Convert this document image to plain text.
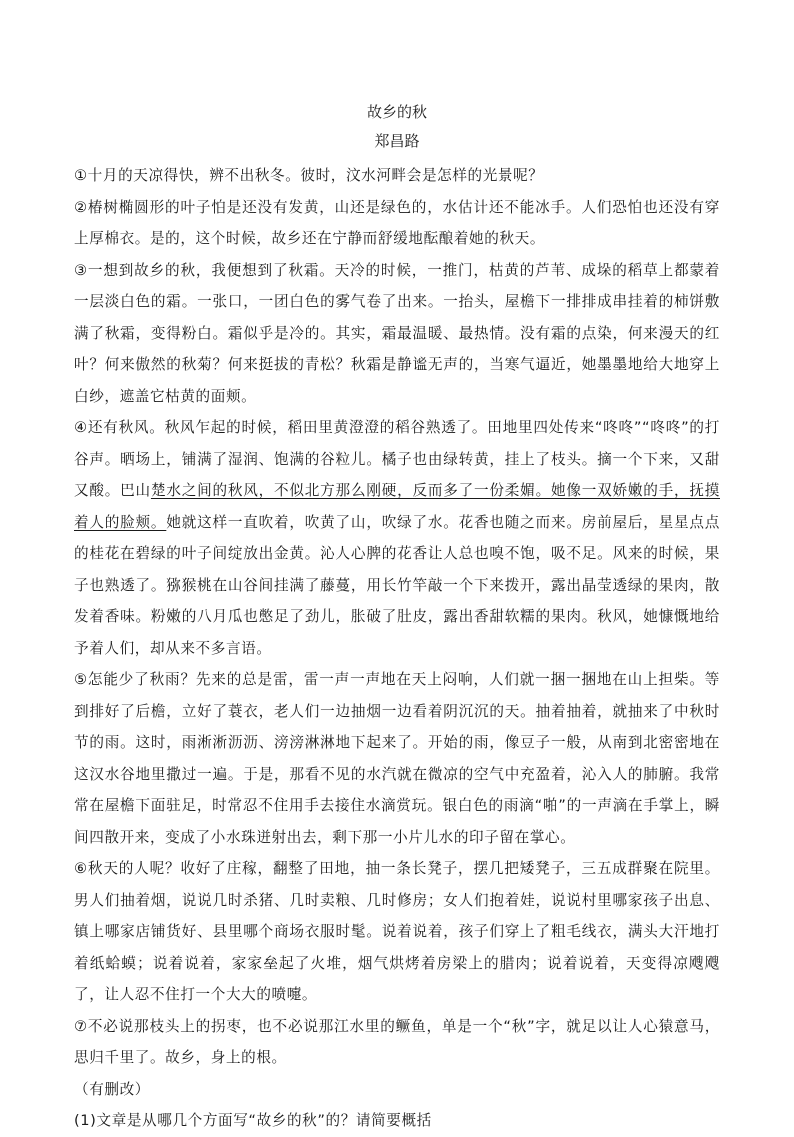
故乡的秋
郑昌路

①十月的天凉得快，辨不出秋冬。彼时，汶水河畔会是怎样的光景呢？

②椿树椭圆形的叶子怕是还没有发黄，山还是绿色的，水估计还不能冰手。人们恐怕也还没有穿上厚棉衣。是的，这个时候，故乡还在宁静而舒缓地酝酿着她的秋天。

③一想到故乡的秋，我便想到了秋霜。天冷的时候，一推门，枯黄的芦苇、成垛的稻草上都蒙着一层淡白色的霜。一张口，一团白色的雾气卷了出来。一抬头，屋檐下一排排成串挂着的柿饼敷满了秋霜，变得粉白。霜似乎是冷的。其实，霜最温暖、最热情。没有霜的点染，何来漫天的红叶？何来傲然的秋菊？何来挺拔的青松？秋霜是静谧无声的，当寒气逼近，她墨墨地给大地穿上白纱，遮盖它枯黄的面颊。

④还有秋风。秋风乍起的时候，稻田里黄澄澄的稻谷熟透了。田地里四处传来“咚咚”“咚咚”的打谷声。晒场上，铺满了湿润、饱满的谷粒儿。橘子也由绿转黄，挂上了枝头。摘一个下来，又甜又酸。巴山楚水之间的秋风，不似北方那么刚硬，反而多了一份柔媚。她像一双娇嫩的手，抚摸着人的脸颊。她就这样一直吹着，吹黄了山，吹绿了水。花香也随之而来。房前屋后，星星点点的桂花在碧绿的叶子间绽放出金黄。沁人心脾的花香让人总也嗅不饱，吸不足。风来的时候，果子也熟透了。猕猴桃在山谷间挂满了藤蔓，用长竹竿敲一个下来拨开，露出晶莹透绿的果肉，散发着香味。粉嫩的八月瓜也憋足了劲儿，胀破了肚皮，露出香甜软糯的果肉。秋风，她慷慨地给予着人们，却从来不多言语。

⑤怎能少了秋雨？先来的总是雷，雷一声一声地在天上闷响，人们就一捆一捆地在山上担柴。等到排好了后檐，立好了蓑衣，老人们一边抽烟一边看着阴沉沉的天。抽着抽着，就抽来了中秋时节的雨。这时，雨淅淅沥沥、滂滂淋淋地下起来了。开始的雨，像豆子一般，从南到北密密地在这汉水谷地里撒过一遍。于是，那看不见的水汽就在微凉的空气中充盈着，沁入人的肺腑。我常常在屋檐下面驻足，时常忍不住用手去接住水滴赏玩。银白色的雨滴“啪”的一声滴在手掌上，瞬间四散开来，变成了小水珠迸射出去，剩下那一小片儿水的印子留在掌心。

⑥秋天的人呢？收好了庄稼，翻整了田地，抽一条长凳子，摆几把矮凳子，三五成群聚在院里。男人们抽着烟，说说几时杀猪、几时卖粮、几时修房；女人们抱着娃，说说村里哪家孩子出息、镇上哪家店铺货好、县里哪个商场衣服时髦。说着说着，孩子们穿上了粗毛线衣，满头大汗地打着纸蛤蟆；说着说着，家家垒起了火堆，烟气烘烤着房梁上的腊肉；说着说着，天变得凉飕飕了，让人忍不住打一个大大的喷嚏。

⑦不必说那枝头上的拐枣，也不必说那江水里的鳜鱼，单是一个“秋”字，就足以让人心猿意马，思归千里了。故乡，身上的根。

（有删改）
(1)文章是从哪几个方面写“故乡的秋”的？请简要概括
